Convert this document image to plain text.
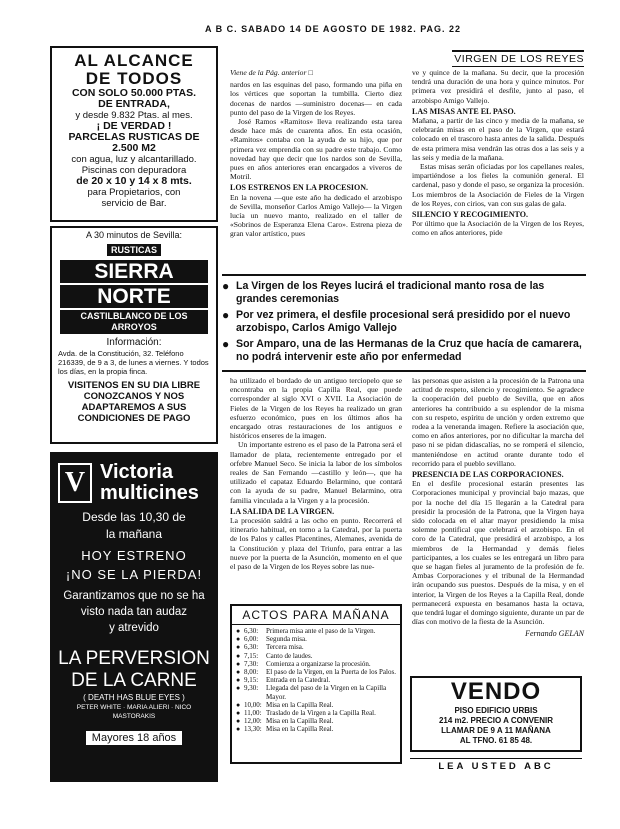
A B C. SABADO 14 DE AGOSTO DE 1982. PAG. 22
AL ALCANCE
DE TODOS
CON SOLO 50.000 PTAS.
DE ENTRADA,
y desde 9.832 Ptas. al mes.
¡ DE VERDAD !
PARCELAS RUSTICAS DE
2.500 M2
con agua, luz y alcantarillado.
Piscinas con depuradora
de 20 x 10 y 14 x 8 mts.
para Propietarios, con
servicio de Bar.
A 30 minutos de Sevilla:
RUSTICAS
SIERRA
NORTE
CASTILBLANCO DE LOS ARROYOS
Información:
Avda. de la Constitución, 32. Teléfono 216339, de 9 a 3, de lunes a viernes. Y todos los días, en la propia finca.
VISITENOS EN SU DIA LIBRE
CONOZCANOS Y NOS
ADAPTAREMOS A SUS
CONDICIONES DE PAGO
V Victoria
multicines
Desde las 10,30 de
la mañana
HOY ESTRENO
¡NO SE LA PIERDA!
Garantizamos que no se ha
visto nada tan audaz
y atrevido
LA PERVERSION
DE LA CARNE
( DEATH HAS BLUE EYES )
PETER WHITE · MARIA ALIERI · NICO MASTORAKIS
Mayores 18 años
VIRGEN DE LOS REYES
Viene de la Pág. anterior □
nardos en las esquinas del paso, formando una piña en los vértices que soportan la tumbilla. Cierto diez docenas de nardos —suministro docenas— en cada punto del paso de la Virgen de los Reyes.
José Ramos «Ramitos» lleva realizando esta tarea desde hace más de cuarenta años. En esta ocasión, «Ramitos» contaba con la ayuda de su hijo, que por primera vez emprendía con su padre este trabajo. Como novedad hay que decir que los nardos son de Sevilla, pues en años anteriores eran encargados a viveros de Motril.
LOS ESTRENOS EN LA PROCESION.
En la novena —que este año ha dedicado el arzobispo de Sevilla, monseñor Carlos Amigo Vallejo— la Virgen lucía un nuevo manto, realizado en el taller de «Sobrinos de Esperanza Elena Caro». Estrena pieza de gran valor artístico, pues
ve y quince de la mañana. Su decir, que la procesión tendrá una duración de una hora y quince minutos. Por primera vez presidirá el desfile, junto al paso, el arzobispo Amigo Vallejo.
LAS MISAS ANTE EL PASO.
Mañana, a partir de las cinco y media de la mañana, se celebrarán misas en el paso de la Virgen, que estará colocado en el trascoro hasta antes de la salida. Después de esta primera misa vendrán las otras dos a las seis y a las seis y media de la mañana.
Estas misas serán oficiadas por los capellanes reales, impartiéndose a los fieles la comunión general. El cardenal, paso y donde el paso, se organiza la procesión. Los miembros de la Asociación de Fieles de la Virgen de los Reyes, con cirios, van con sus galas de gala.
SILENCIO Y RECOGIMIENTO.
Por último que la Asociación de la Virgen de los Reyes, como en años anteriores, pide
● La Virgen de los Reyes lucirá el tradicional manto rosa de las grandes ceremonias
● Por vez primera, el desfile procesional será presidido por el nuevo arzobispo, Carlos Amigo Vallejo
● Sor Amparo, una de las Hermanas de la Cruz que hacía de camarera, no podrá intervenir este año por enfermedad
ha utilizado el bordado de un antiguo terciopelo que se encontraba en la propia Capilla Real, que puede corresponder al siglo XVI o XVII. La Asociación de Fieles de la Virgen de los Reyes ha realizado un gran esfuerzo económico, pues en los últimos años ha encargado otras restauraciones de los antiguos e históricos enseres de la imagen.
Un importante estreno es el paso de la Patrona será el llamador de plata, recientemente entregado por el orfebre Manuel Seco. Se inicia la labor de los símbolos reales de San Fernando —castillo y león—, que ha utilizado el capataz Eduardo Belarmino, que contará con la ayuda de su padre, Manuel Belarmino, otra familia vinculada a la Virgen y a la procesión.
LA SALIDA DE LA VIRGEN.
La procesión saldrá a las ocho en punto. Recorrerá el itinerario habitual, en torno a la Catedral, por la puerta de los Palos y calles Placentines, Alemanes, avenida de la Constitución y plaza del Triunfo, para entrar a las nueve por la puerta de la Asunción, momento en el que el paso de la Virgen de los Reyes sobre las nue-
las personas que asisten a la procesión de la Patrona una actitud de respeto, silencio y recogimiento. Se agradece la cooperación del pueblo de Sevilla, que en años anteriores ha contribuido a su esplendor de la misma con su respeto, espíritu de unción y orden extremo que rodea a la veneranda imagen. Refiere la asociación que, como en años anteriores, por no dificultar la marcha del paso ni se pidan didascalías, no se romperá el silencio, manteniéndose en actitud orante durante todo el recorrido para el pueblo sevillano.
PRESENCIA DE LAS CORPORACIONES.
En el desfile procesional estarán presentes las Corporaciones municipal y provincial bajo mazas, que por la noche del día 15 llegarán a la Catedral para presidir la procesión de la Patrona, que la Virgen haya sido colocada en el altar mayor presidiendo la misa solemne pontifical que celebrará el arzobispo. En el coro de la Catedral, que presidirá el arzobispo, a los miembros de la Hermandad y demás fieles participantes, a los cuales se les entregará un libro para que se hagan fieles al juramento de la profesión de fe. Ambas Corporaciones y el tribunal de la Hermandad irán ocupando sus puestos. Después de la misa, y en el interior, la Virgen de los Reyes a la Capilla Real, donde permanecerá expuesta en besamanos hasta la octava, que tendrá lugar el domingo siguiente, durante un par de días con motivo de la fiesta de la Asunción.
Fernando GELAN
ACTOS PARA MAÑANA
● 6,30:	Primera misa ante el paso de la Virgen.
● 6,00:	Segunda misa.
● 6,30:	Tercera misa.
● 7,15:	Canto de laudes.
● 7,30:	Comienza a organizarse la procesión.
● 8,00:	El paso de la Virgen, en la Puerta de los Palos.
● 9,15:	Entrada en la Catedral.
● 9,30:	Llegada del paso de la Virgen en la Capilla Mayor.
● 10,00: Misa en la Capilla Real.
● 11,00: Traslado de la Virgen a la Capilla Real.
● 12,00: Misa en la Capilla Real.
● 13,30: Misa en la Capilla Real.
VENDO
PISO EDIFICIO URBIS
214 m2. PRECIO A CONVENIR
LLAMAR DE 9 A 11 MAÑANA
AL TFNO. 61 85 48.
LEA USTED ABC
